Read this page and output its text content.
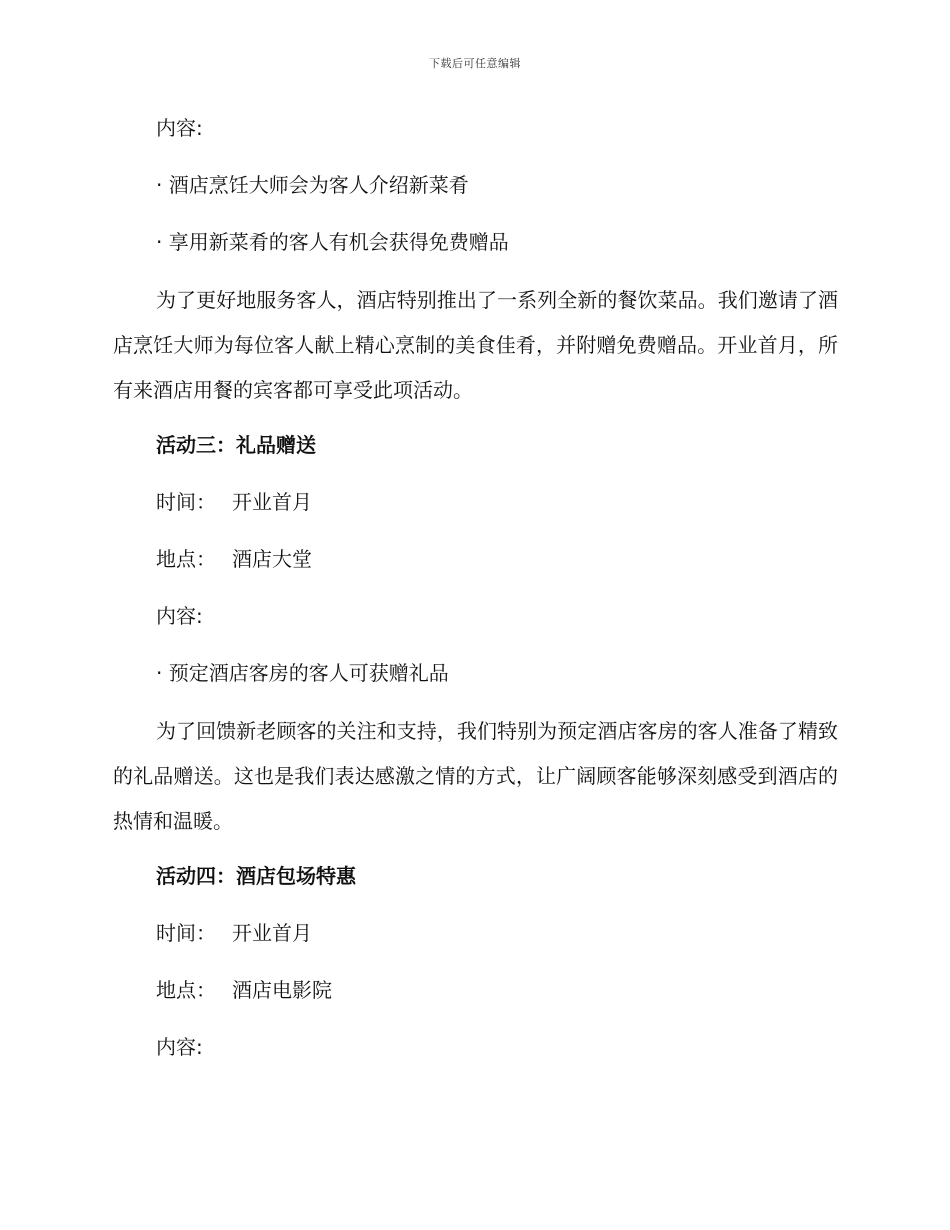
下载后可任意编辑

内容:

· 酒店烹饪大师会为客人介绍新菜肴

· 享用新菜肴的客人有机会获得免费赠品

为了更好地服务客人，酒店特别推出了一系列全新的餐饮菜品。我们邀请了酒店烹饪大师为每位客人献上精心烹制的美食佳肴，并附赠免费赠品。开业首月，所有来酒店用餐的宾客都可享受此项活动。

活动三：礼品赠送

时间： 开业首月

地点： 酒店大堂

内容:

· 预定酒店客房的客人可获赠礼品

为了回馈新老顾客的关注和支持，我们特别为预定酒店客房的客人准备了精致的礼品赠送。这也是我们表达感激之情的方式，让广阔顾客能够深刻感受到酒店的热情和温暖。

活动四：酒店包场特惠

时间： 开业首月

地点： 酒店电影院

内容:
